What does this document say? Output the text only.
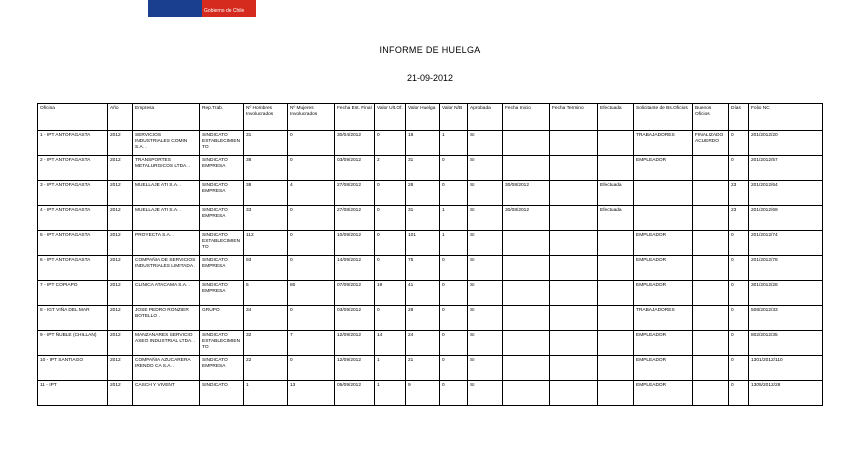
Gobierno de Chile
INFORME DE HUELGA
21-09-2012
Oficina	Año	Empresa	Rep.Trab.	Nº Hombres Involucrados	Nº Mujeres Involucrados	Fecha Est. Final	Valor Ult.Of.	Valor Huelga	Valor N/B	Aprobada	Fecha Inicio	Fecha Termino	Efectuada	Solicitante de Bs.Oficios	Buenos Oficios	Días	Folio NC
1 - IPT ANTOFAGASTA	2012	SERVICIOS INDUSTRIALES COMIN S.A. .	SINDICATO ESTABLECIMIENTO	31	0	30/04/2012	0	18	1	SI				TRABAJADORES	FINALIZADO ACUERDO	0	201/2012/20
2 - IPT ANTOFAGASTA	2012	TRANSPORTES METALURGICOS LTDA. .	SINDICATO EMPRESA	38	0	03/09/2012	2	31	0	SI				EMPLEADOR		0	201/2012/57
3 - IPT ANTOFAGASTA	2012	MUELLAJE ATI S.A. .	SINDICATO EMPRESA	38	4	27/08/2012	0	28	0	SI	30/08/2012		Efectuada			23	201/2012/64
4 - IPT ANTOFAGASTA	2012	MUELLAJE ATI S.A. .	SINDICATO EMPRESA	33	0	27/08/2012	0	31	1	SI	30/08/2012		Efectuada			23	201/2012/69
5 - IPT ANTOFAGASTA	2012	PROYECTA S.A. .	SINDICATO ESTABLECIMIENTO	112	0	10/09/2012	0	101	1	SI				EMPLEADOR		0	201/2012/74
6 - IPT ANTOFAGASTA	2012	COMPAÑIA DE SERVICIOS INDUSTRIALES LIMITADA .	SINDICATO EMPRESA	93	0	14/09/2012	0	75	0	SI				EMPLEADOR		0	201/2012/78
7 - IPT COPIAPO	2012	CLINICA ATACAMA S.A. .	SINDICATO EMPRESA	5	80	07/09/2012	19	41	0	SI				EMPLEADOR		0	301/2012/28
8 - IGT VIÑA DEL MAR	2012	JOSE PEDRO RONZIER BOTELLO .	GRUPO	34	0	03/09/2012	0	28	0	SI				TRABAJADORES		0	508/2012/33
9 - IPT ÑUBLE (CHILLAN)	2012	MANZANARES SERVICIO ASEO INDUSTRIAL LTDA. .	SINDICATO ESTABLECIMIENTO	32	7	12/09/2012	14	24	0	SI				EMPLEADOR		0	802/2012/35
10 - IPT SANTIAGO	2012	COMPAÑIA AZUCARERA IRENDO CA S.A. .	SINDICATO EMPRESA	22	0	12/09/2012	1	21	0	SI				EMPLEADOR		0	1301/2012/110
11 - IPT	2012	CASCH Y VIVENT	SINDICATO	1	13	05/09/2012	1	9	0	SI				EMPLEADOR		0	1305/2012/28
